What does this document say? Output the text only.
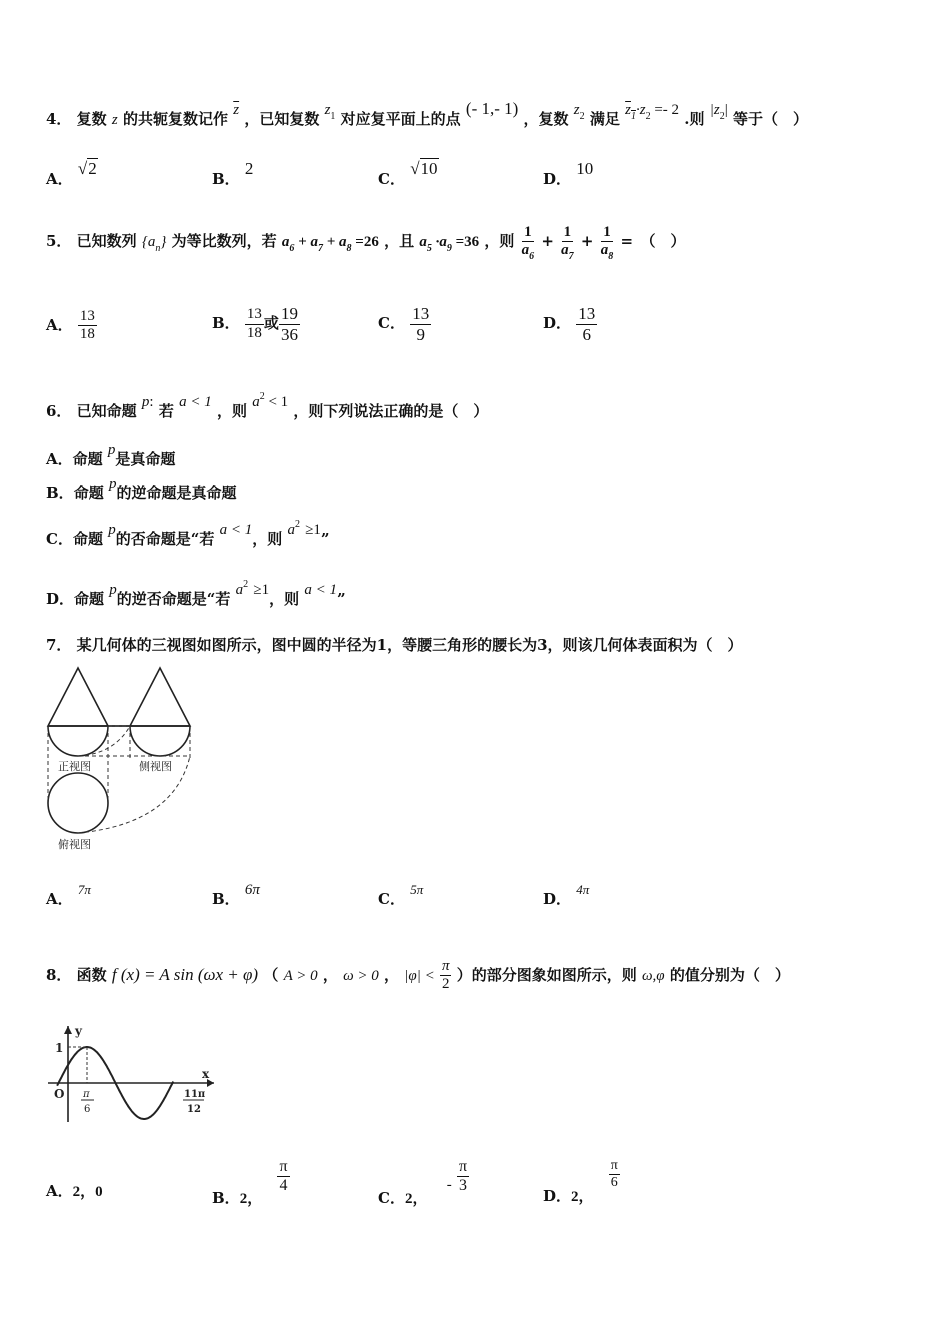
4． 复数 z 的共轭复数记作 $\overline{z}$ ，已知复数 $z_1$ 对应复平面上的点 (- 1,- 1) ，复数 $z_2$ 满足 $z_1\cdot z_2 =- 2$ .则 $|z_2|$ 等于（　）
A． √2
B． 2
C． √10
D． 10
5． 已知数列 $\{a_n\}$ 为等比数列，若 $a_6 + a_7 + a_8 =26$ ，且 $a_5 \cdot a_9 =36$ ，则 $\frac{1}{a_6} + \frac{1}{a_7} + \frac{1}{a_8}$ =　（　）
A． $\frac{13}{18}$	B． $\frac{13}{18}$ 或 $\frac{19}{36}$	C． $\frac{13}{9}$	D． $\frac{13}{6}$
6． 已知命题 p: 若 a < 1 ，则 $a^2 < 1$ ，则下列说法正确的是（　）
A．命题 p是真命题
B．命题 p的逆命题是真命题
C．命题 p的否命题是“若 a < 1，则 $a^2 \ge 1$”
D．命题 p的逆否命题是“若 $a^2 \ge 1$，则 a < 1”
7． 某几何体的三视图如图所示，图中圆的半径为1，等腰三角形的腰长为3，则该几何体表面积为（　）
正视图	侧视图
俯视图
A． 7π
B． 6π	C． 5π
D． 4π
8． 函数 f (x) = A sin (ωx + φ) （ A > 0 ， ω > 0 ， $|\varphi| < \frac{\pi}{2}$ ）的部分图象如图所示，则 ω,φ 的值分别为（　）
y
x
1
O π
6
11π
12
A．2，0	B．2，
$\frac{\pi}{4}$
C．2， - $\frac{\pi}{3}$	D．2，
$\frac{\pi}{6}$
